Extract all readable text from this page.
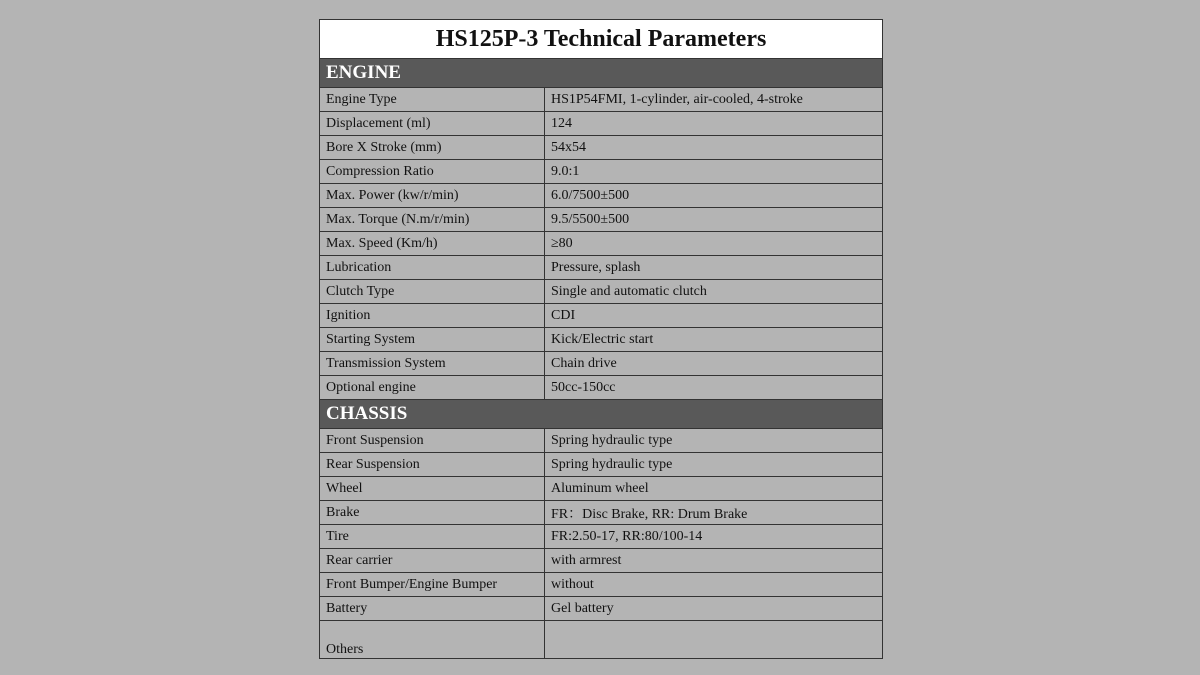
HS125P-3 Technical Parameters	
ENGINE	
Engine Type	HS1P54FMI, 1-cylinder, air-cooled, 4-stroke
Displacement (ml)	124
Bore X Stroke (mm)	54x54
Compression Ratio	9.0:1
Max. Power (kw/r/min)	6.0/7500±500
Max. Torque (N.m/r/min)	9.5/5500±500
Max. Speed (Km/h)	≥80
Lubrication	Pressure, splash
Clutch Type	Single and automatic clutch
Ignition	CDI
Starting System	Kick/Electric start
Transmission System	Chain drive
Optional engine	50cc-150cc
CHASSIS	
Front Suspension	Spring hydraulic type
Rear Suspension	Spring hydraulic type
Wheel	Aluminum wheel
Brake	FR：Disc Brake, RR: Drum Brake
Tire	FR:2.50-17, RR:80/100-14
Rear carrier	with armrest
Front Bumper/Engine Bumper	without
Battery	Gel battery
Others	
